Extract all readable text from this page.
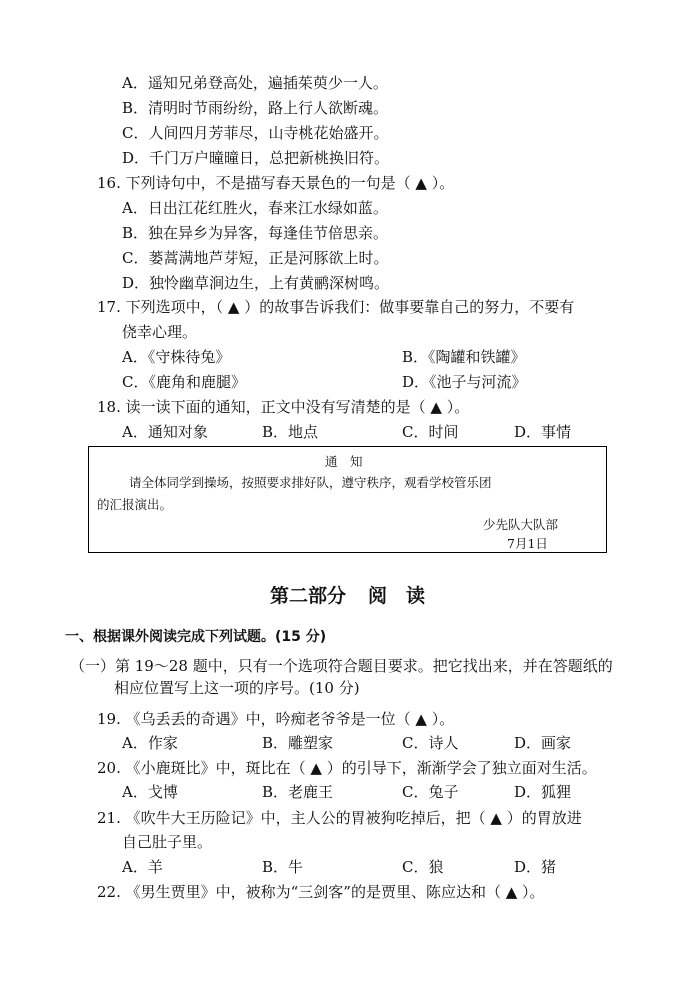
A．遥知兄弟登高处，遍插茱萸少一人。
B．清明时节雨纷纷，路上行人欲断魂。
C．人间四月芳菲尽，山寺桃花始盛开。
D．千门万户曈曈日，总把新桃换旧符。
16. 下列诗句中，不是描写春天景色的一句是（ ▲ ）。
A．日出江花红胜火，春来江水绿如蓝。
B．独在异乡为异客，每逢佳节倍思亲。
C．蒌蒿满地芦芽短，正是河豚欲上时。
D．独怜幽草涧边生，上有黄鹂深树鸣。
17. 下列选项中，（ ▲ ）的故事告诉我们：做事要靠自己的努力，不要有
侥幸心理。
A．《守株待兔》	B．《陶罐和铁罐》
C．《鹿角和鹿腿》	D．《池子与河流》
18. 读一读下面的通知，正文中没有写清楚的是（ ▲ ）。
A．通知对象	B．地点	C．时间	D．事情
通　知
请全体同学到操场，按照要求排好队，遵守秩序，观看学校管乐团
的汇报演出。
少先队大队部
7月1日
第二部分 阅　读
一、根据课外阅读完成下列试题。(15 分)
（一）第 19～28 题中，只有一个选项符合题目要求。把它找出来，并在答题纸的
相应位置写上这一项的序号。(10 分)
19. 《乌丢丢的奇遇》中，吟痴老爷爷是一位（ ▲ ）。
A．作家	B．雕塑家	C．诗人	D．画家
20. 《小鹿斑比》中，斑比在（ ▲ ）的引导下，渐渐学会了独立面对生活。
A．戈博	B．老鹿王	C．兔子	D．狐狸
21. 《吹牛大王历险记》中，主人公的胃被狗吃掉后，把（ ▲ ）的胃放进
自己肚子里。
A．羊	B．牛	C．狼	D．猪
22. 《男生贾里》中，被称为“三剑客”的是贾里、陈应达和（ ▲ ）。
